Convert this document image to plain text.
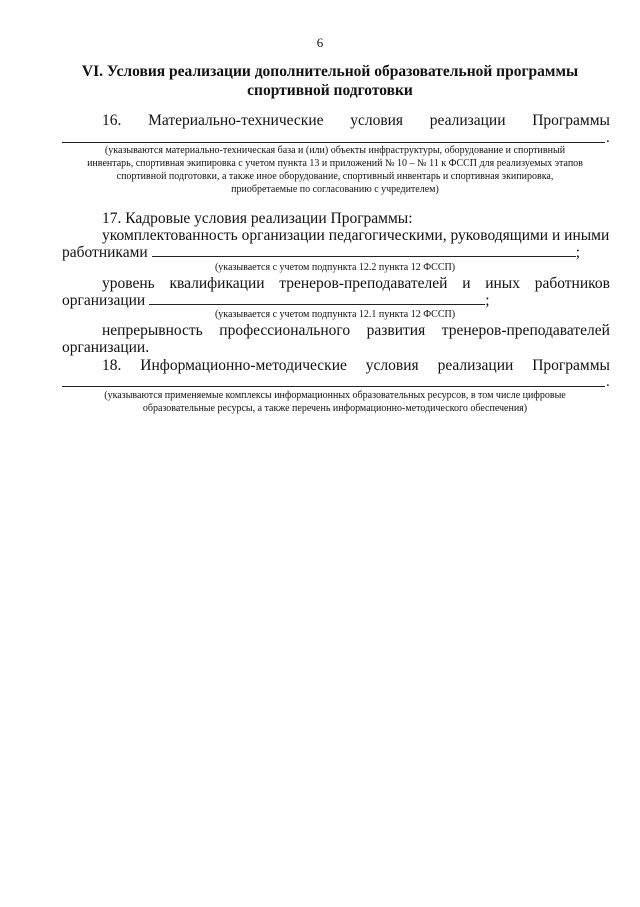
6
VI. Условия реализации дополнительной образовательной программы
спортивной подготовки
16. Материально-технические условия реализации Программы
.
(указываются материально-техническая база и (или) объекты инфраструктуры, оборудование и спортивный
инвентарь, спортивная экипировка с учетом пункта 13 и приложений № 10 – № 11 к ФССП для реализуемых этапов
спортивной подготовки, а также иное оборудование, спортивный инвентарь и спортивная экипировка,
приобретаемые по согласованию с учредителем)
17. Кадровые условия реализации Программы:
укомплектованность организации педагогическими, руководящими и иными
работниками	;
(указывается с учетом подпункта 12.2 пункта 12 ФССП)
уровень квалификации тренеров-преподавателей и иных работников
организации	;
(указывается с учетом подпункта 12.1 пункта 12 ФССП)
непрерывность профессионального развития тренеров-преподавателей
организации.
18. Информационно-методические условия реализации Программы
.
(указываются применяемые комплексы информационных образовательных ресурсов, в том числе цифровые
образовательные ресурсы, а также перечень информационно-методического обеспечения)
